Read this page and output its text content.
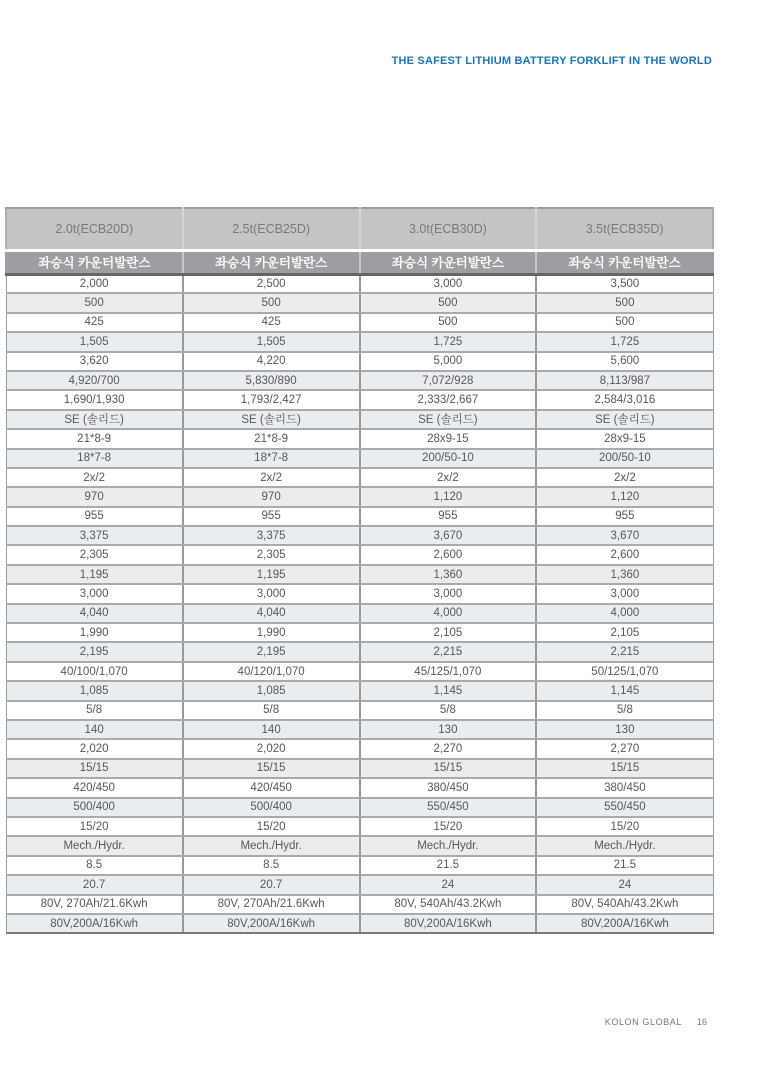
THE SAFEST LITHIUM BATTERY FORKLIFT IN THE WORLD
2.0t(ECB20D)	2.5t(ECB25D)	3.0t(ECB30D)	3.5t(ECB35D)
좌승식 카운터발란스	좌승식 카운터발란스	좌승식 카운터발란스	좌승식 카운터발란스
2,000	2,500	3,000	3,500
500	500	500	500
425	425	500	500
1,505	1,505	1,725	1,725
3,620	4,220	5,000	5,600
4,920/700	5,830/890	7,072/928	8,113/987
1,690/1,930	1,793/2,427	2,333/2,667	2,584/3,016
SE (솔리드)	SE (솔리드)	SE (솔리드)	SE (솔리드)
21*8-9	21*8-9	28x9-15	28x9-15
18*7-8	18*7-8	200/50-10	200/50-10
2x/2	2x/2	2x/2	2x/2
970	970	1,120	1,120
955	955	955	955
3,375	3,375	3,670	3,670
2,305	2,305	2,600	2,600
1,195	1,195	1,360	1,360
3,000	3,000	3,000	3,000
4,040	4,040	4,000	4,000
1,990	1,990	2,105	2,105
2,195	2,195	2,215	2,215
40/100/1,070	40/120/1,070	45/125/1,070	50/125/1,070
1,085	1,085	1,145	1,145
5/8	5/8	5/8	5/8
140	140	130	130
2,020	2,020	2,270	2,270
15/15	15/15	15/15	15/15
420/450	420/450	380/450	380/450
500/400	500/400	550/450	550/450
15/20	15/20	15/20	15/20
Mech./Hydr.	Mech./Hydr.	Mech./Hydr.	Mech./Hydr.
8.5	8.5	21.5	21.5
20.7	20.7	24	24
80V, 270Ah/21.6Kwh	80V, 270Ah/21.6Kwh	80V, 540Ah/43.2Kwh	80V, 540Ah/43.2Kwh
80V,200A/16Kwh	80V,200A/16Kwh	80V,200A/16Kwh	80V,200A/16Kwh
KOLON GLOBAL 16
